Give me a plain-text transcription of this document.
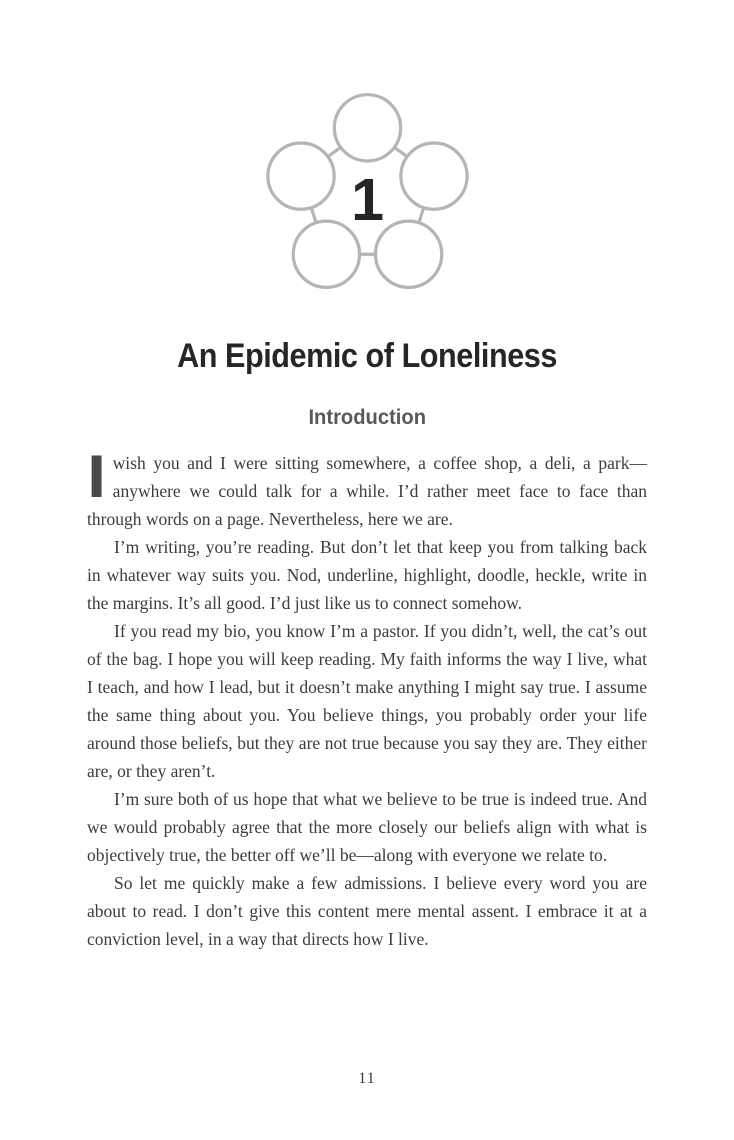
1
An Epidemic of Loneliness
Introduction

Iwish you and I were sitting somewhere, a coffee shop, a deli, a park—anywhere we could talk for a while. I’d rather meet face to face than through words on a page. Nevertheless, here we are.

I’m writing, you’re reading. But don’t let that keep you from talking back in whatever way suits you. Nod, underline, highlight, doodle, heckle, write in the margins. It’s all good. I’d just like us to connect somehow.

If you read my bio, you know I’m a pastor. If you didn’t, well, the cat’s out of the bag. I hope you will keep reading. My faith informs the way I live, what I teach, and how I lead, but it doesn’t make anything I might say true. I assume the same thing about you. You believe things, you probably order your life around those beliefs, but they are not true because you say they are. They either are, or they aren’t.

I’m sure both of us hope that what we believe to be true is indeed true. And we would probably agree that the more closely our beliefs align with what is objectively true, the better off we’ll be—along with everyone we relate to.

So let me quickly make a few admissions. I believe every word you are about to read. I don’t give this content mere mental assent. I embrace it at a conviction level, in a way that directs how I live.

11
